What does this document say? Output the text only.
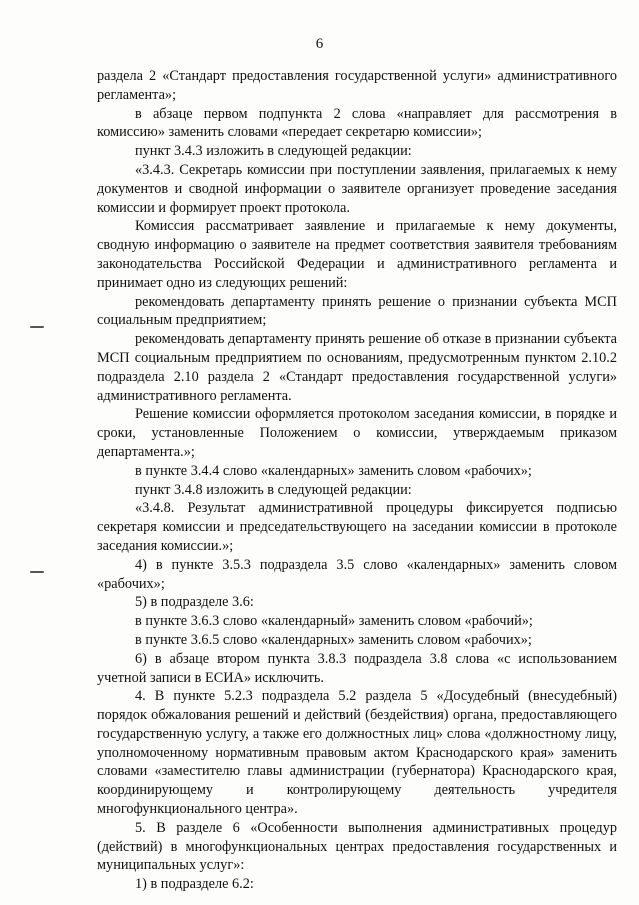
6

раздела 2 «Стандарт предоставления государственной услуги» административного регламента»;

в абзаце первом подпункта 2 слова «направляет для рассмотрения в комиссию» заменить словами «передает секретарю комиссии»;

пункт 3.4.3 изложить в следующей редакции:

«3.4.3. Секретарь комиссии при поступлении заявления, прилагаемых к нему документов и сводной информации о заявителе организует проведение заседания комиссии и формирует проект протокола.

Комиссия рассматривает заявление и прилагаемые к нему документы, сводную информацию о заявителе на предмет соответствия заявителя требованиям законодательства Российской Федерации и административного регламента и принимает одно из следующих решений:

рекомендовать департаменту принять решение о признании субъекта МСП социальным предприятием;

рекомендовать департаменту принять решение об отказе в признании субъекта МСП социальным предприятием по основаниям, предусмотренным пунктом 2.10.2 подраздела 2.10 раздела 2 «Стандарт предоставления государственной услуги» административного регламента.

Решение комиссии оформляется протоколом заседания комиссии, в порядке и сроки, установленные Положением о комиссии, утверждаемым приказом департамента.»;

в пункте 3.4.4 слово «календарных» заменить словом «рабочих»;

пункт 3.4.8 изложить в следующей редакции:

«3.4.8. Результат административной процедуры фиксируется подписью секретаря комиссии и председательствующего на заседании комиссии в протоколе заседания комиссии.»;

4) в пункте 3.5.3 подраздела 3.5 слово «календарных» заменить словом «рабочих»;

5) в подразделе 3.6:

в пункте 3.6.3 слово «календарный» заменить словом «рабочий»;

в пункте 3.6.5 слово «календарных» заменить словом «рабочих»;

6) в абзаце втором пункта 3.8.3 подраздела 3.8 слова «с использованием учетной записи в ЕСИА» исключить.

4. В пункте 5.2.3 подраздела 5.2 раздела 5 «Досудебный (внесудебный) порядок обжалования решений и действий (бездействия) органа, предоставляющего государственную услугу, а также его должностных лиц» слова «должностному лицу, уполномоченному нормативным правовым актом Краснодарского края» заменить словами «заместителю главы администрации (губернатора) Краснодарского края, координирующему и контролирующему деятельность учредителя многофункционального центра».

5. В разделе 6 «Особенности выполнения административных процедур (действий) в многофункциональных центрах предоставления государственных и муниципальных услуг»:

1) в подразделе 6.2:
